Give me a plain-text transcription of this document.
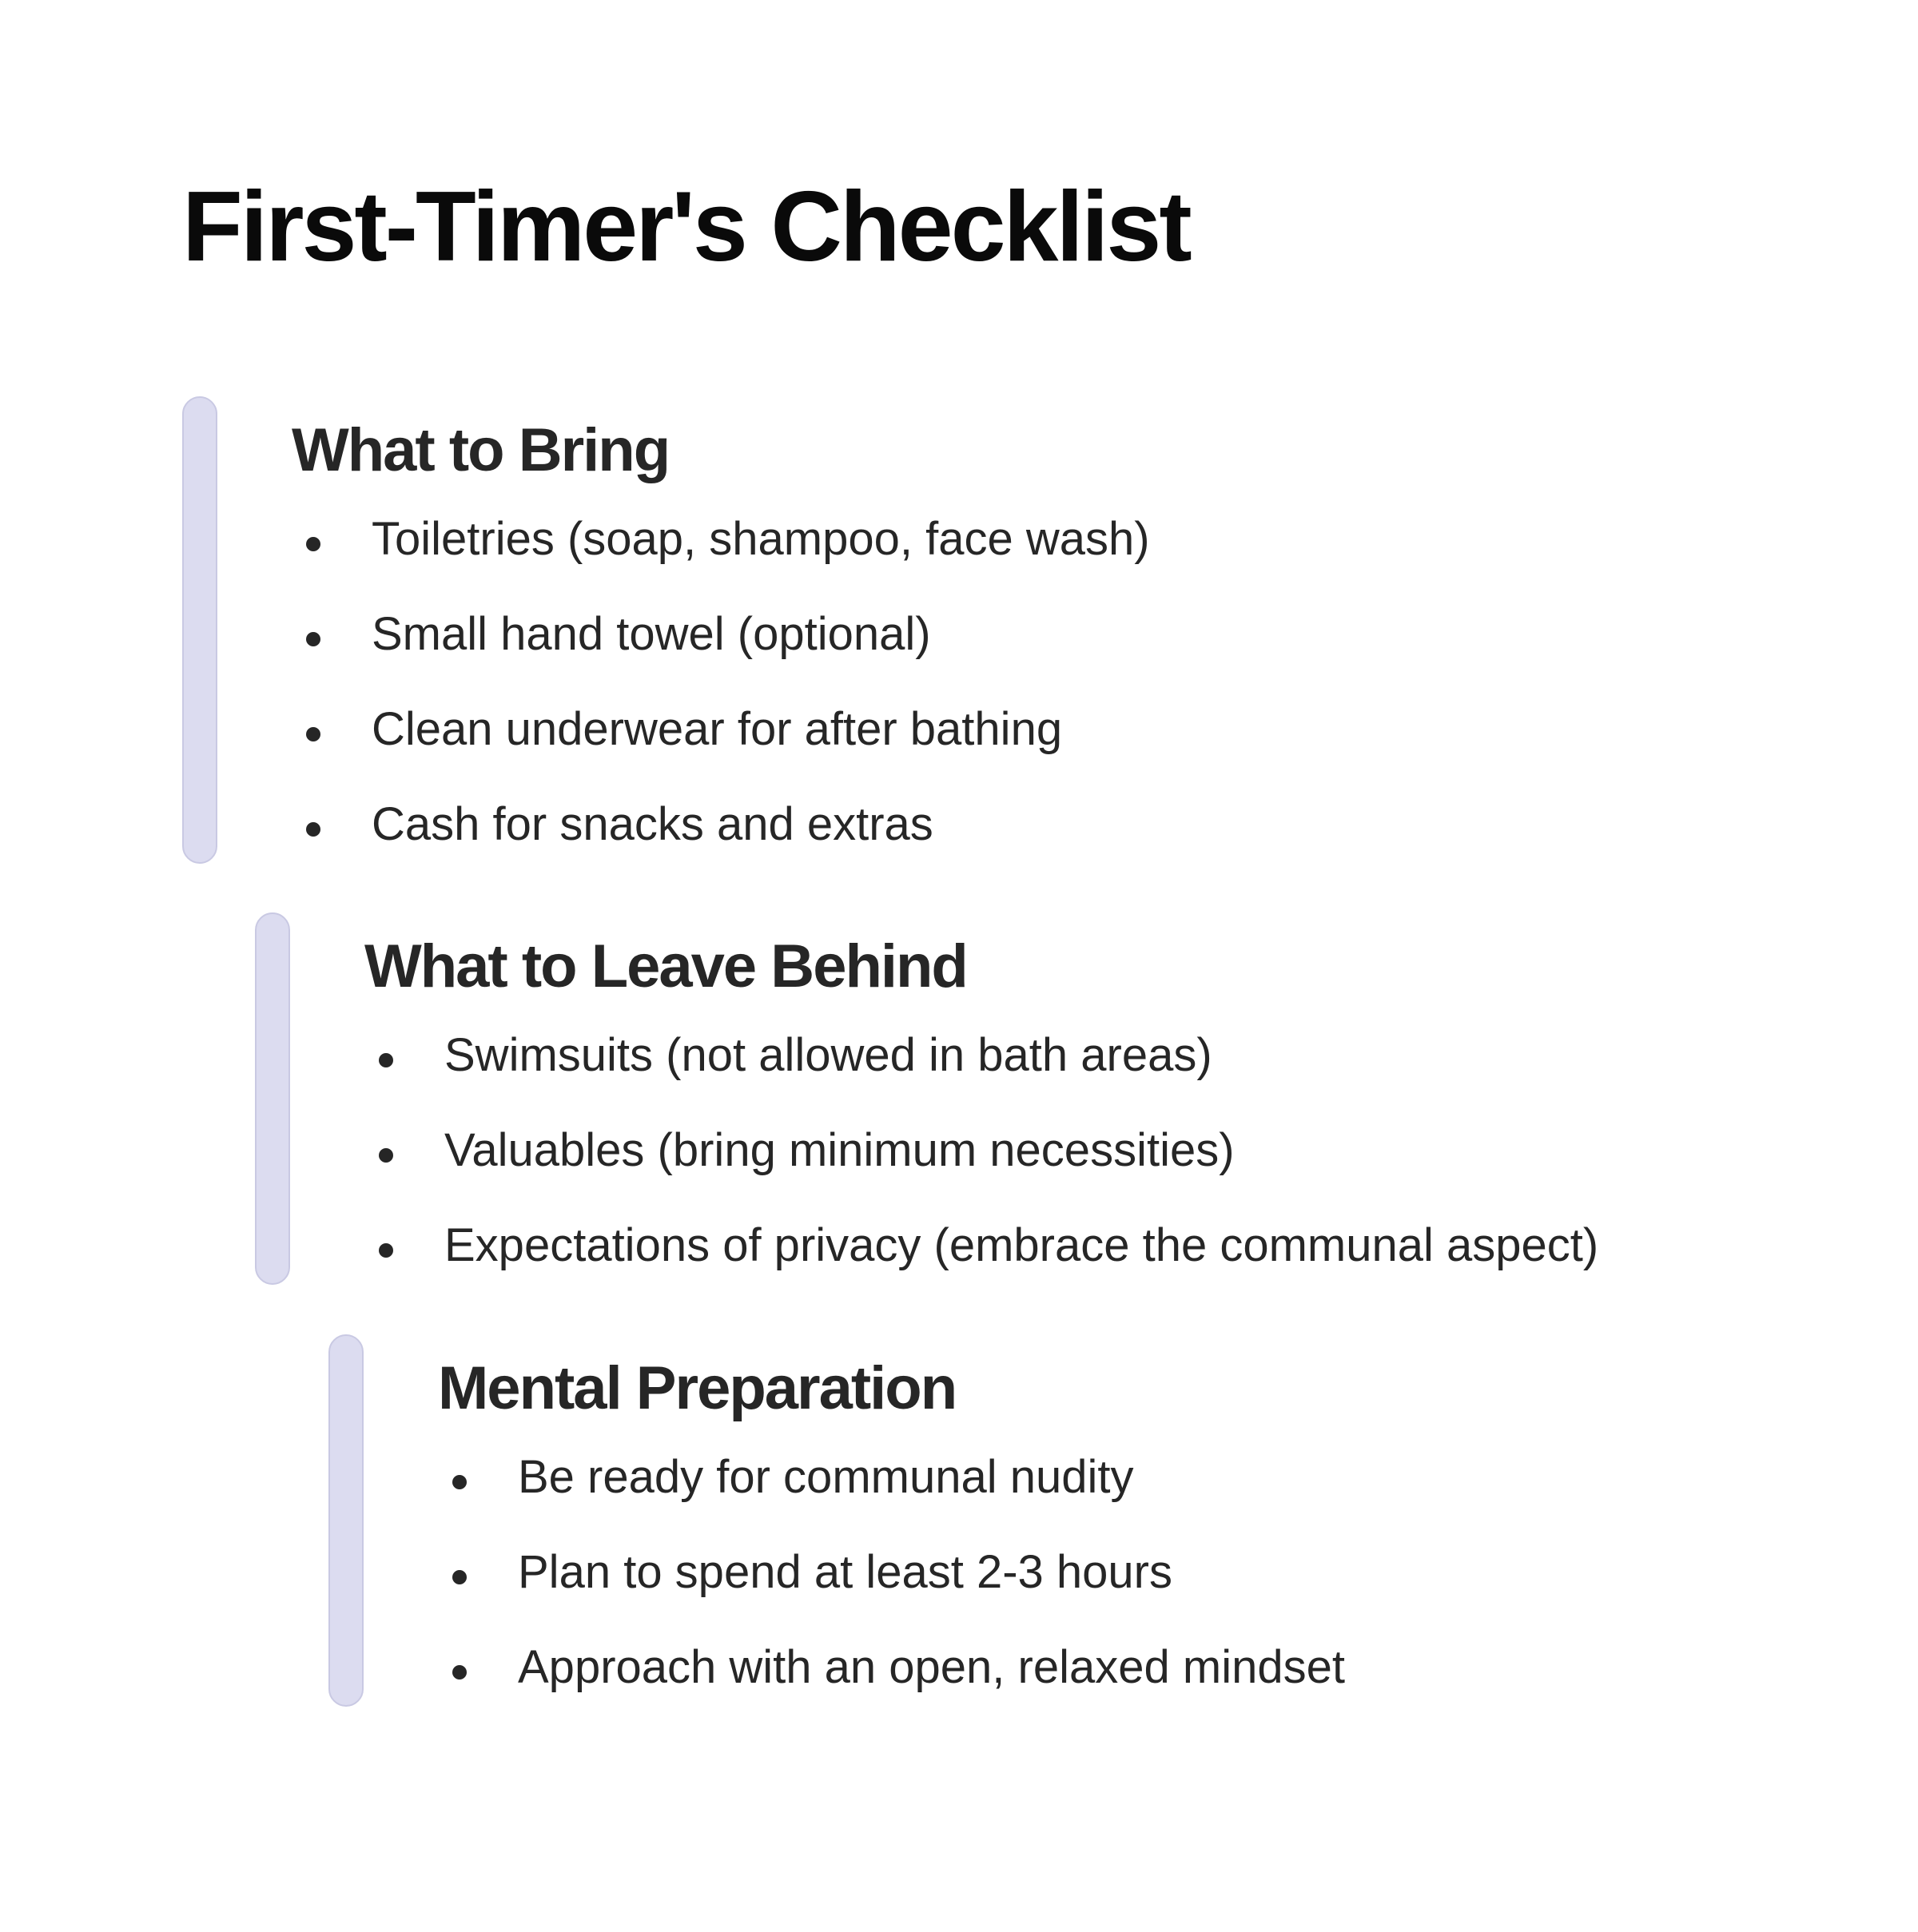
First-Timer's Checklist
What to Bring
Toiletries (soap, shampoo, face wash)
Small hand towel (optional)
Clean underwear for after bathing
Cash for snacks and extras
What to Leave Behind
Swimsuits (not allowed in bath areas)
Valuables (bring minimum necessities)
Expectations of privacy (embrace the communal aspect)
Mental Preparation
Be ready for communal nudity
Plan to spend at least 2-3 hours
Approach with an open, relaxed mindset
